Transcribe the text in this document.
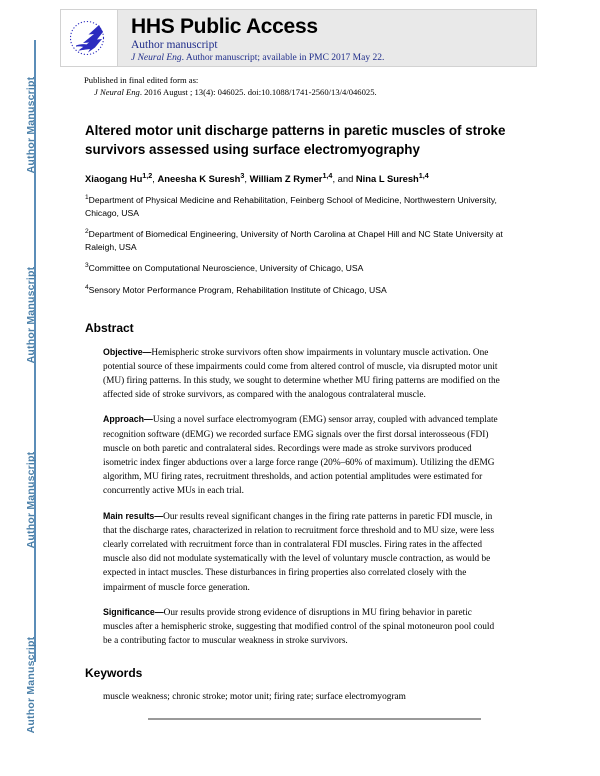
Author Manuscript
Author Manuscript
Author Manuscript
Author Manuscript
HHS Public Access
Author manuscript
J Neural Eng. Author manuscript; available in PMC 2017 May 22.
Published in final edited form as:
J Neural Eng. 2016 August ; 13(4): 046025. doi:10.1088/1741-2560/13/4/046025.
Altered motor unit discharge patterns in paretic muscles of stroke survivors assessed using surface electromyography
Xiaogang Hu$^{1,2}$, Aneesha K Suresh$^3$, William Z Rymer$^{1,4}$, and Nina L Suresh$^{1,4}$
$^1$Department of Physical Medicine and Rehabilitation, Feinberg School of Medicine, Northwestern University, Chicago, USA
$^2$Department of Biomedical Engineering, University of North Carolina at Chapel Hill and NC State University at Raleigh, USA
$^3$Committee on Computational Neuroscience, University of Chicago, USA
$^4$Sensory Motor Performance Program, Rehabilitation Institute of Chicago, USA
Abstract
Objective—Hemispheric stroke survivors often show impairments in voluntary muscle activation. One potential source of these impairments could come from altered control of muscle, via disrupted motor unit (MU) firing patterns. In this study, we sought to determine whether MU firing patterns are modified on the affected side of stroke survivors, as compared with the analogous contralateral muscle.
Approach—Using a novel surface electromyogram (EMG) sensor array, coupled with advanced template recognition software (dEMG) we recorded surface EMG signals over the first dorsal interosseous (FDI) muscle on both paretic and contralateral sides. Recordings were made as stroke survivors produced isometric index finger abductions over a large force range (20%–60% of maximum). Utilizing the dEMG algorithm, MU firing rates, recruitment thresholds, and action potential amplitudes were estimated for concurrently active MUs in each trial.
Main results—Our results reveal significant changes in the firing rate patterns in paretic FDI muscle, in that the discharge rates, characterized in relation to recruitment force threshold and to MU size, were less clearly correlated with recruitment force than in contralateral FDI muscles. Firing rates in the affected muscle also did not modulate systematically with the level of voluntary muscle contraction, as would be expected in intact muscles. These disturbances in firing properties also correlated closely with the impairment of muscle force generation.
Significance—Our results provide strong evidence of disruptions in MU firing behavior in paretic muscles after a hemispheric stroke, suggesting that modified control of the spinal motoneuron pool could be a contributing factor to muscular weakness in stroke survivors.
Keywords
muscle weakness; chronic stroke; motor unit; firing rate; surface electromyogram
